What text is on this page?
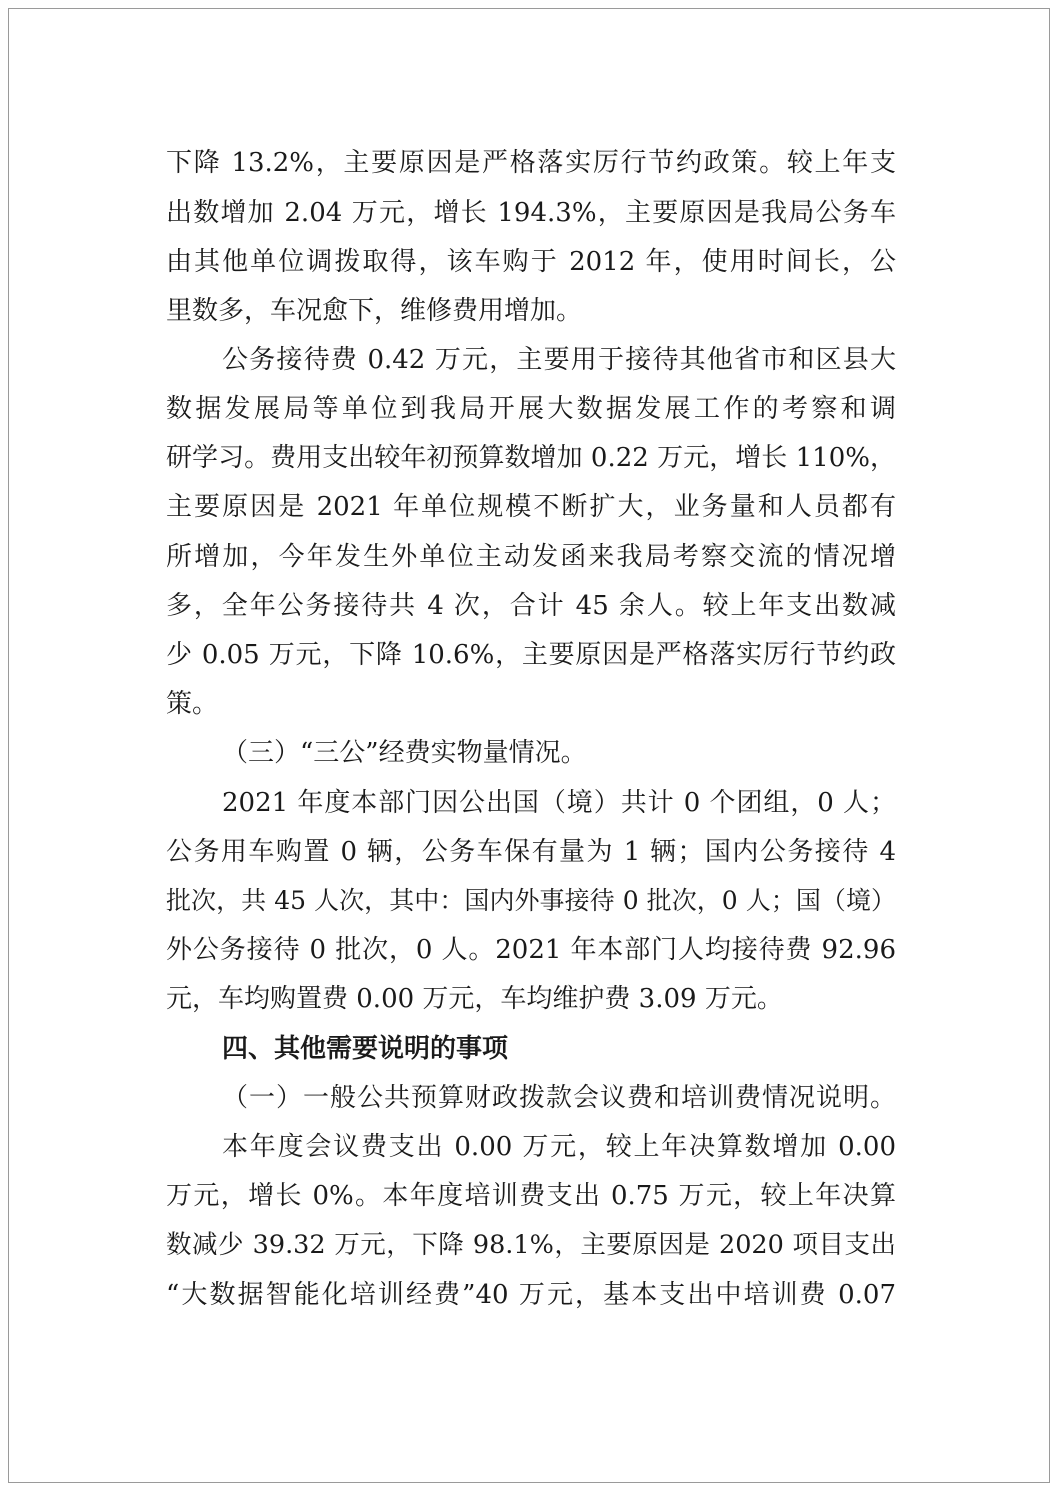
下降 13.2%，主要原因是严格落实厉行节约政策。较上年支
出数增加 2.04 万元，增长 194.3%，主要原因是我局公务车
由其他单位调拨取得，该车购于 2012 年，使用时间长，公
里数多，车况愈下，维修费用增加。
公务接待费 0.42 万元，主要用于接待其他省市和区县大
数据发展局等单位到我局开展大数据发展工作的考察和调
研学习。费用支出较年初预算数增加 0.22 万元，增长 110%，
主要原因是 2021 年单位规模不断扩大，业务量和人员都有
所增加，今年发生外单位主动发函来我局考察交流的情况增
多，全年公务接待共 4 次，合计 45 余人。较上年支出数减
少 0.05 万元，下降 10.6%，主要原因是严格落实厉行节约政
策。
（三）“三公”经费实物量情况。
2021 年度本部门因公出国（境）共计 0 个团组，0 人；
公务用车购置 0 辆，公务车保有量为 1 辆；国内公务接待 4
批次，共 45 人次，其中：国内外事接待 0 批次，0 人；国（境）
外公务接待 0 批次，0 人。2021 年本部门人均接待费 92.96
元，车均购置费 0.00 万元，车均维护费 3.09 万元。
四、其他需要说明的事项
（一）一般公共预算财政拨款会议费和培训费情况说明。
本年度会议费支出 0.00 万元，较上年决算数增加 0.00
万元，增长 0%。本年度培训费支出 0.75 万元，较上年决算
数减少 39.32 万元，下降 98.1%，主要原因是 2020 项目支出
“大数据智能化培训经费”40 万元，基本支出中培训费 0.07
